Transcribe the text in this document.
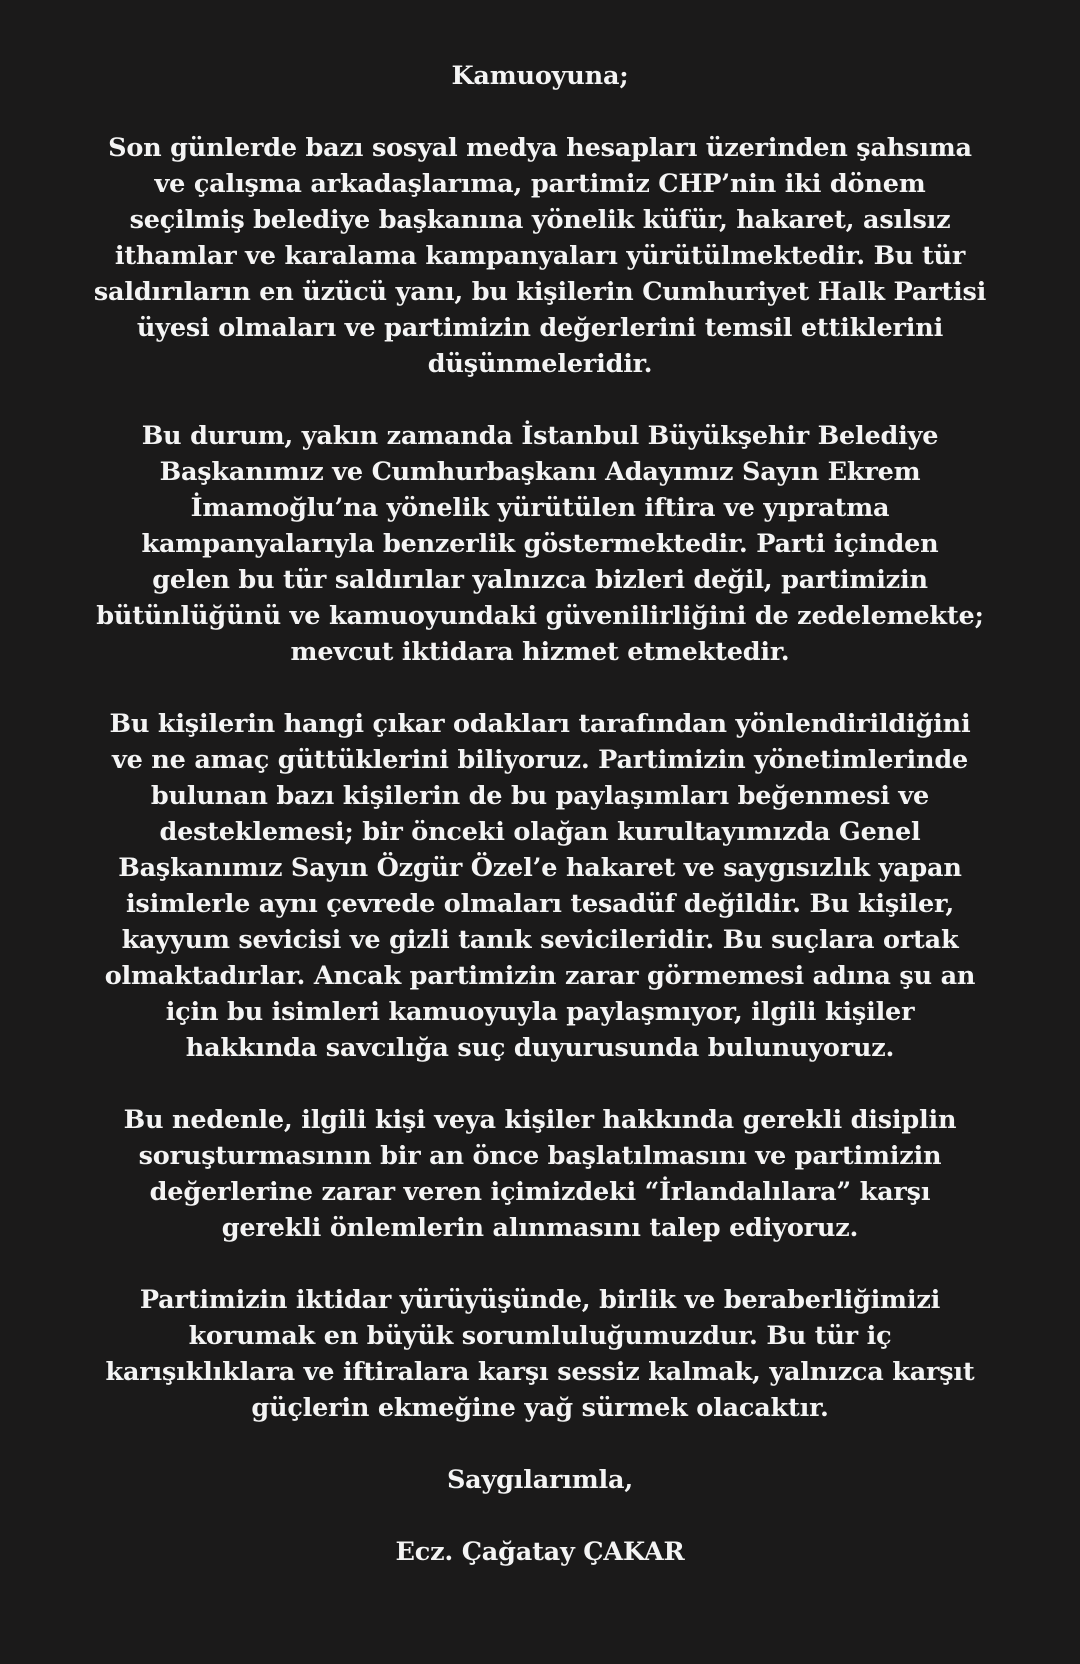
Kamuoyuna;
Son günlerde bazı sosyal medya hesapları üzerinden şahsıma
ve çalışma arkadaşlarıma, partimiz CHP’nin iki dönem
seçilmiş belediye başkanına yönelik küfür, hakaret, asılsız
ithamlar ve karalama kampanyaları yürütülmektedir. Bu tür
saldırıların en üzücü yanı, bu kişilerin Cumhuriyet Halk Partisi
üyesi olmaları ve partimizin değerlerini temsil ettiklerini
düşünmeleridir.
Bu durum, yakın zamanda İstanbul Büyükşehir Belediye
Başkanımız ve Cumhurbaşkanı Adayımız Sayın Ekrem
İmamoğlu’na yönelik yürütülen iftira ve yıpratma
kampanyalarıyla benzerlik göstermektedir. Parti içinden
gelen bu tür saldırılar yalnızca bizleri değil, partimizin
bütünlüğünü ve kamuoyundaki güvenilirliğini de zedelemekte;
mevcut iktidara hizmet etmektedir.
Bu kişilerin hangi çıkar odakları tarafından yönlendirildiğini
ve ne amaç güttüklerini biliyoruz. Partimizin yönetimlerinde
bulunan bazı kişilerin de bu paylaşımları beğenmesi ve
desteklemesi; bir önceki olağan kurultayımızda Genel
Başkanımız Sayın Özgür Özel’e hakaret ve saygısızlık yapan
isimlerle aynı çevrede olmaları tesadüf değildir. Bu kişiler,
kayyum sevicisi ve gizli tanık sevicileridir. Bu suçlara ortak
olmaktadırlar. Ancak partimizin zarar görmemesi adına şu an
için bu isimleri kamuoyuyla paylaşmıyor, ilgili kişiler
hakkında savcılığa suç duyurusunda bulunuyoruz.
Bu nedenle, ilgili kişi veya kişiler hakkında gerekli disiplin
soruşturmasının bir an önce başlatılmasını ve partimizin
değerlerine zarar veren içimizdeki “İrlandalılara” karşı
gerekli önlemlerin alınmasını talep ediyoruz.
Partimizin iktidar yürüyüşünde, birlik ve beraberliğimizi
korumak en büyük sorumluluğumuzdur. Bu tür iç
karışıklıklara ve iftiralara karşı sessiz kalmak, yalnızca karşıt
güçlerin ekmeğine yağ sürmek olacaktır.
Saygılarımla,
Ecz. Çağatay ÇAKAR
